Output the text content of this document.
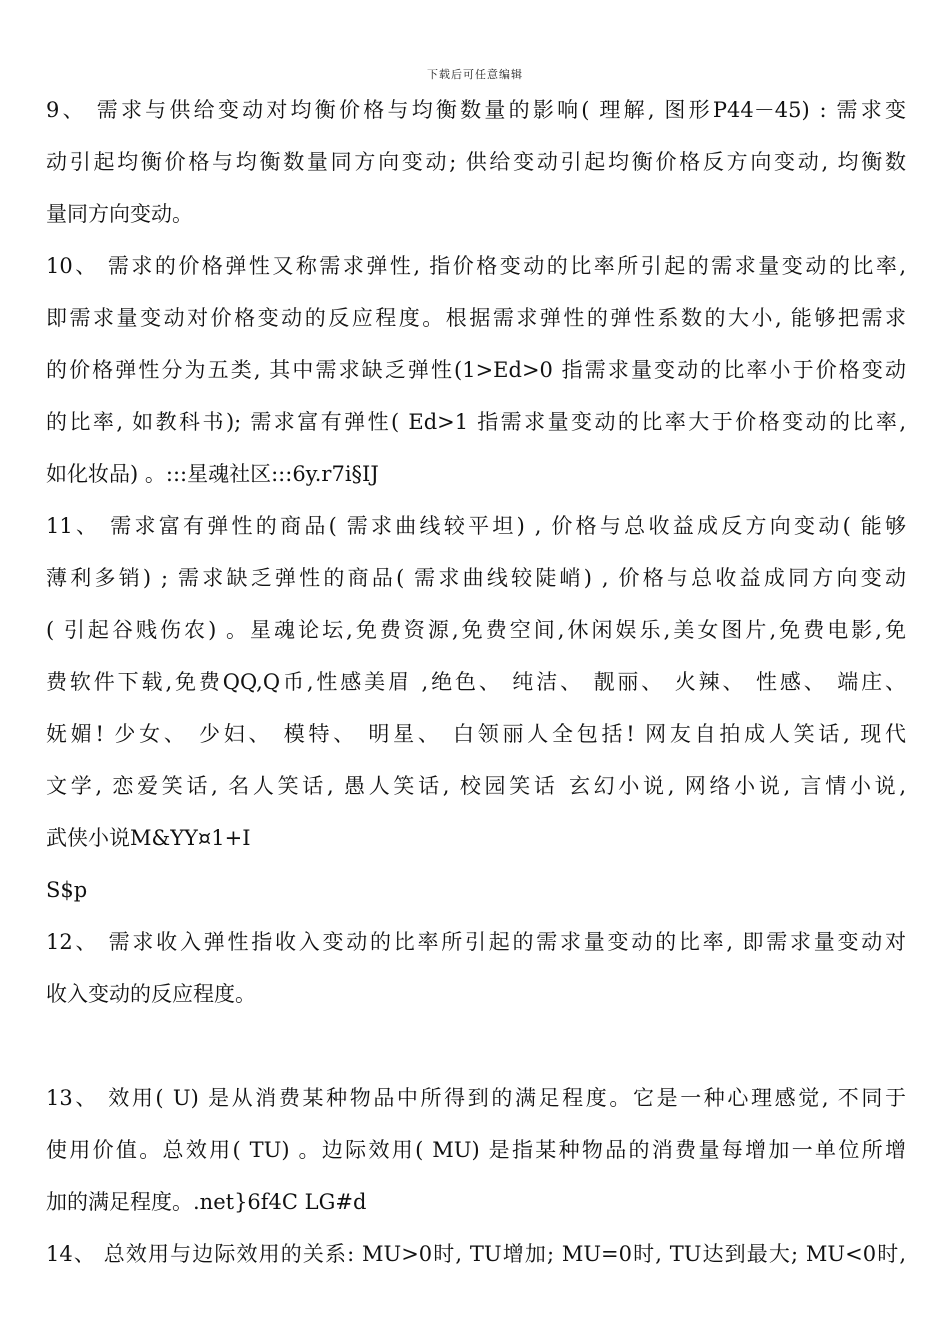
下载后可任意编辑
9、 需求与供给变动对均衡价格与均衡数量的影响( 理解, 图形P44－45) : 需求变
动引起均衡价格与均衡数量同方向变动; 供给变动引起均衡价格反方向变动, 均衡数
量同方向变动。
10、 需求的价格弹性又称需求弹性, 指价格变动的比率所引起的需求量变动的比率,
即需求量变动对价格变动的反应程度。根据需求弹性的弹性系数的大小, 能够把需求
的价格弹性分为五类, 其中需求缺乏弹性(1>Ed>0 指需求量变动的比率小于价格变动
的比率, 如教科书); 需求富有弹性( Ed>1 指需求量变动的比率大于价格变动的比率,
如化妆品) 。:::星魂社区:::6y.r7i§IJ
11、 需求富有弹性的商品( 需求曲线较平坦) , 价格与总收益成反方向变动( 能够
薄利多销) ; 需求缺乏弹性的商品( 需求曲线较陡峭) , 价格与总收益成同方向变动
( 引起谷贱伤农) 。星魂论坛,免费资源,免费空间,休闲娱乐,美女图片,免费电影,免
费软件下载,免费QQ,Q币,性感美眉 ,绝色、 纯洁、 靓丽、 火辣、 性感、 端庄、
妩媚! 少女、 少妇、 模特、 明星、 白领丽人全包括! 网友自拍成人笑话, 现代
文学, 恋爱笑话, 名人笑话, 愚人笑话, 校园笑话 玄幻小说, 网络小说, 言情小说,
武侠小说M&YY¤1+I
S$p
12、 需求收入弹性指收入变动的比率所引起的需求量变动的比率, 即需求量变动对
收入变动的反应程度。
13、 效用( U) 是从消费某种物品中所得到的满足程度。它是一种心理感觉, 不同于
使用价值。总效用( TU) 。边际效用( MU) 是指某种物品的消费量每增加一单位所增
加的满足程度。.net}6f4C LG#d
14、 总效用与边际效用的关系: MU>0时, TU增加; MU=0时, TU达到最大; MU<0时,
